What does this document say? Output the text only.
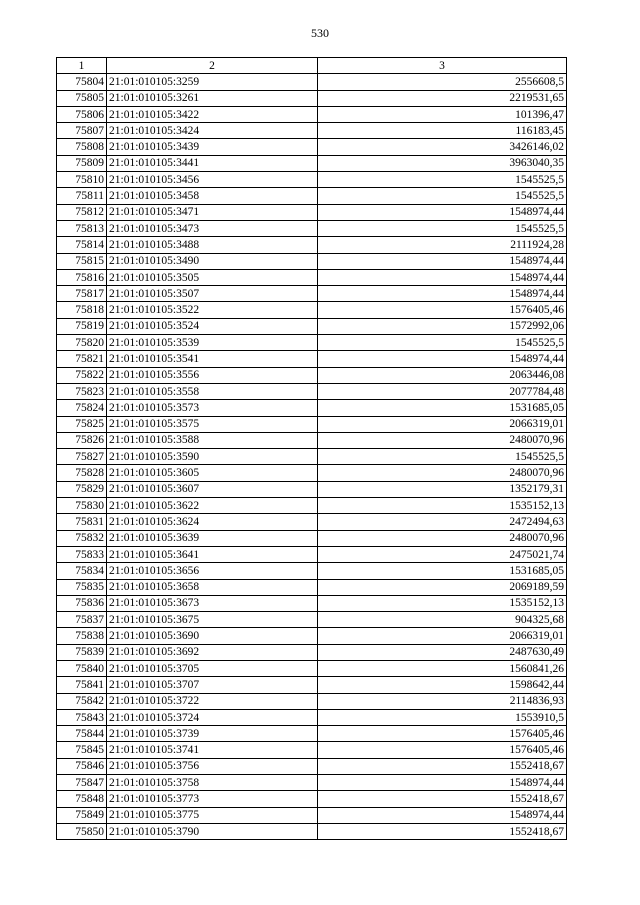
530
1	2	3
75804	21:01:010105:3259	2556608,5
75805	21:01:010105:3261	2219531,65
75806	21:01:010105:3422	101396,47
75807	21:01:010105:3424	116183,45
75808	21:01:010105:3439	3426146,02
75809	21:01:010105:3441	3963040,35
75810	21:01:010105:3456	1545525,5
75811	21:01:010105:3458	1545525,5
75812	21:01:010105:3471	1548974,44
75813	21:01:010105:3473	1545525,5
75814	21:01:010105:3488	2111924,28
75815	21:01:010105:3490	1548974,44
75816	21:01:010105:3505	1548974,44
75817	21:01:010105:3507	1548974,44
75818	21:01:010105:3522	1576405,46
75819	21:01:010105:3524	1572992,06
75820	21:01:010105:3539	1545525,5
75821	21:01:010105:3541	1548974,44
75822	21:01:010105:3556	2063446,08
75823	21:01:010105:3558	2077784,48
75824	21:01:010105:3573	1531685,05
75825	21:01:010105:3575	2066319,01
75826	21:01:010105:3588	2480070,96
75827	21:01:010105:3590	1545525,5
75828	21:01:010105:3605	2480070,96
75829	21:01:010105:3607	1352179,31
75830	21:01:010105:3622	1535152,13
75831	21:01:010105:3624	2472494,63
75832	21:01:010105:3639	2480070,96
75833	21:01:010105:3641	2475021,74
75834	21:01:010105:3656	1531685,05
75835	21:01:010105:3658	2069189,59
75836	21:01:010105:3673	1535152,13
75837	21:01:010105:3675	904325,68
75838	21:01:010105:3690	2066319,01
75839	21:01:010105:3692	2487630,49
75840	21:01:010105:3705	1560841,26
75841	21:01:010105:3707	1598642,44
75842	21:01:010105:3722	2114836,93
75843	21:01:010105:3724	1553910,5
75844	21:01:010105:3739	1576405,46
75845	21:01:010105:3741	1576405,46
75846	21:01:010105:3756	1552418,67
75847	21:01:010105:3758	1548974,44
75848	21:01:010105:3773	1552418,67
75849	21:01:010105:3775	1548974,44
75850	21:01:010105:3790	1552418,67
